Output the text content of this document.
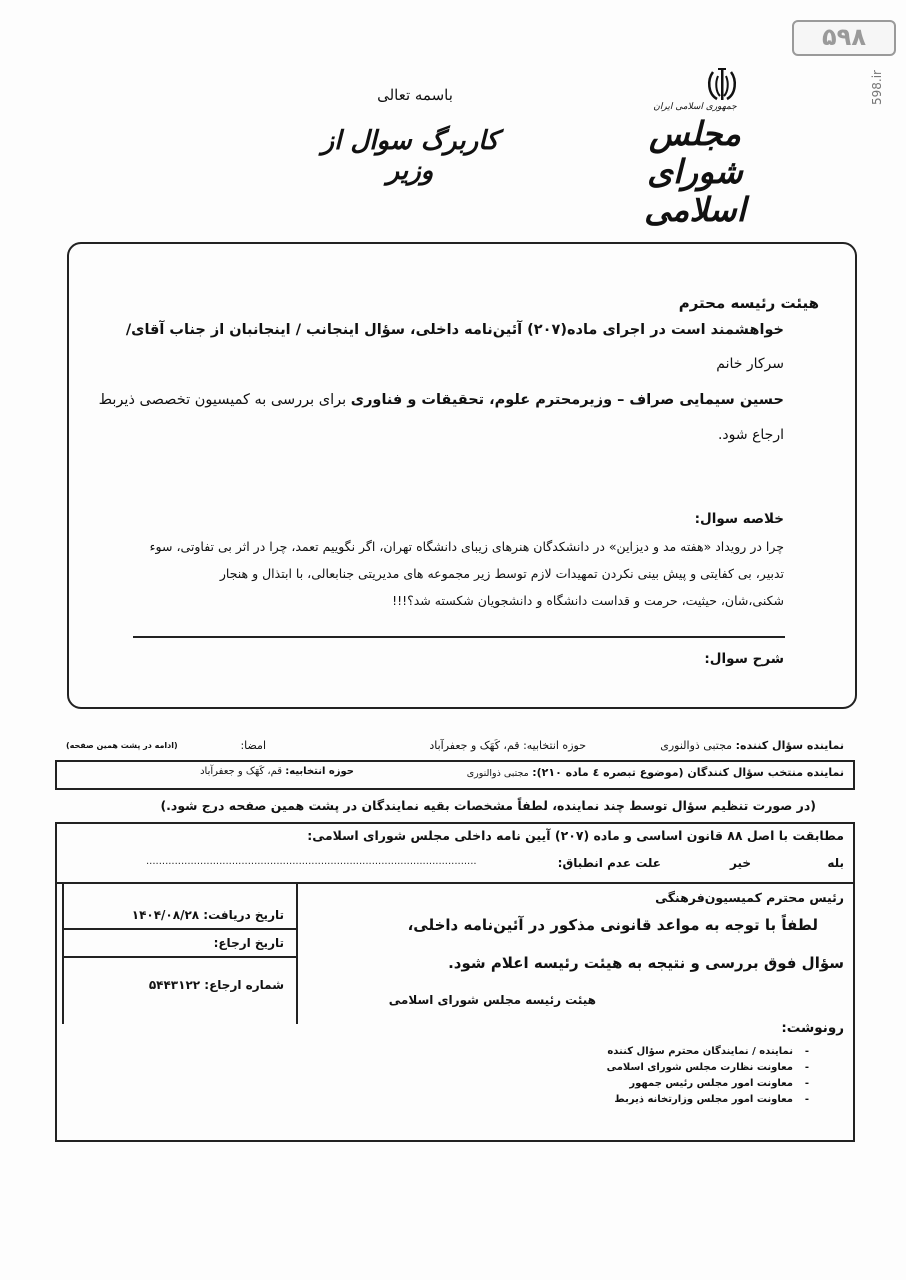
۵۹۸
598.ir
جمهوری اسلامی ایران
مجلس شورای اسلامی
باسمه تعالی
کاربرگ سوال از وزیر
هیئت رئیسه محترم
خواهشمند است در اجرای ماده(۲۰۷) آئین‌نامه داخلی، سؤال اینجانب / اینجانبان از جناب آقای/
سرکار خانم
حسین سیمایی صراف – وزیرمحترم علوم، تحقیقات و فناوری برای بررسی به کمیسیون تخصصی ذیربط
ارجاع شود.
خلاصه سوال:
چرا در رویداد «هفته مد و دیزاین» در دانشکدگان هنرهای زیبای دانشگاه تهران، اگر نگوییم تعمد، چرا در اثر بی تفاوتی، سوء
تدبیر، بی کفایتی و پیش بینی نکردن تمهیدات لازم توسط زیر مجموعه های مدیریتی جنابعالی، با ابتذال و هنجار
شکنی،شان، حیثیت، حرمت و قداست دانشگاه و دانشجویان شکسته شد؟!!!
شرح سوال:
نماینده سؤال کننده: مجتبی ذوالنوری
حوزه انتخابیه: قم، کَهَک و جعفرآباد
امضا:
(ادامه در پشت همین صفحه)
نماینده منتخب سؤال کنندگان (موضوع تبصره ٤ ماده ۲۱۰): مجتبی ذوالنوری
حوزه انتخابیه: قم، کَهَک و جعفرآباد
(در صورت تنظیم سؤال توسط چند نماینده، لطفاً مشخصات بقیه نمایندگان در پشت همین صفحه درج شود.)
مطابقت با اصل ۸۸ قانون اساسی و ماده (۲۰۷) آیین نامه داخلی مجلس شورای اسلامی:
بله
خیر
علت عدم انطباق:
........................................................................................................
تاریخ دریافت: ۱۴۰۴/۰۸/۲۸
تاریخ ارجاع:
شماره ارجاع: ۵۴۴۳۱۲۲
رئیس محترم کمیسیون‌فرهنگی
لطفاً با توجه به مواعد قانونی مذکور در آئین‌نامه داخلی،
سؤال فوق بررسی و نتیجه به هیئت رئیسه اعلام شود.
هیئت رئیسه مجلس شورای اسلامی
رونوشت:
-نماینده / نمایندگان محترم سؤال کننده
-معاونت نظارت مجلس شورای اسلامی
-معاونت امور مجلس رئیس جمهور
-معاونت امور مجلس وزارتخانه ذیربط
